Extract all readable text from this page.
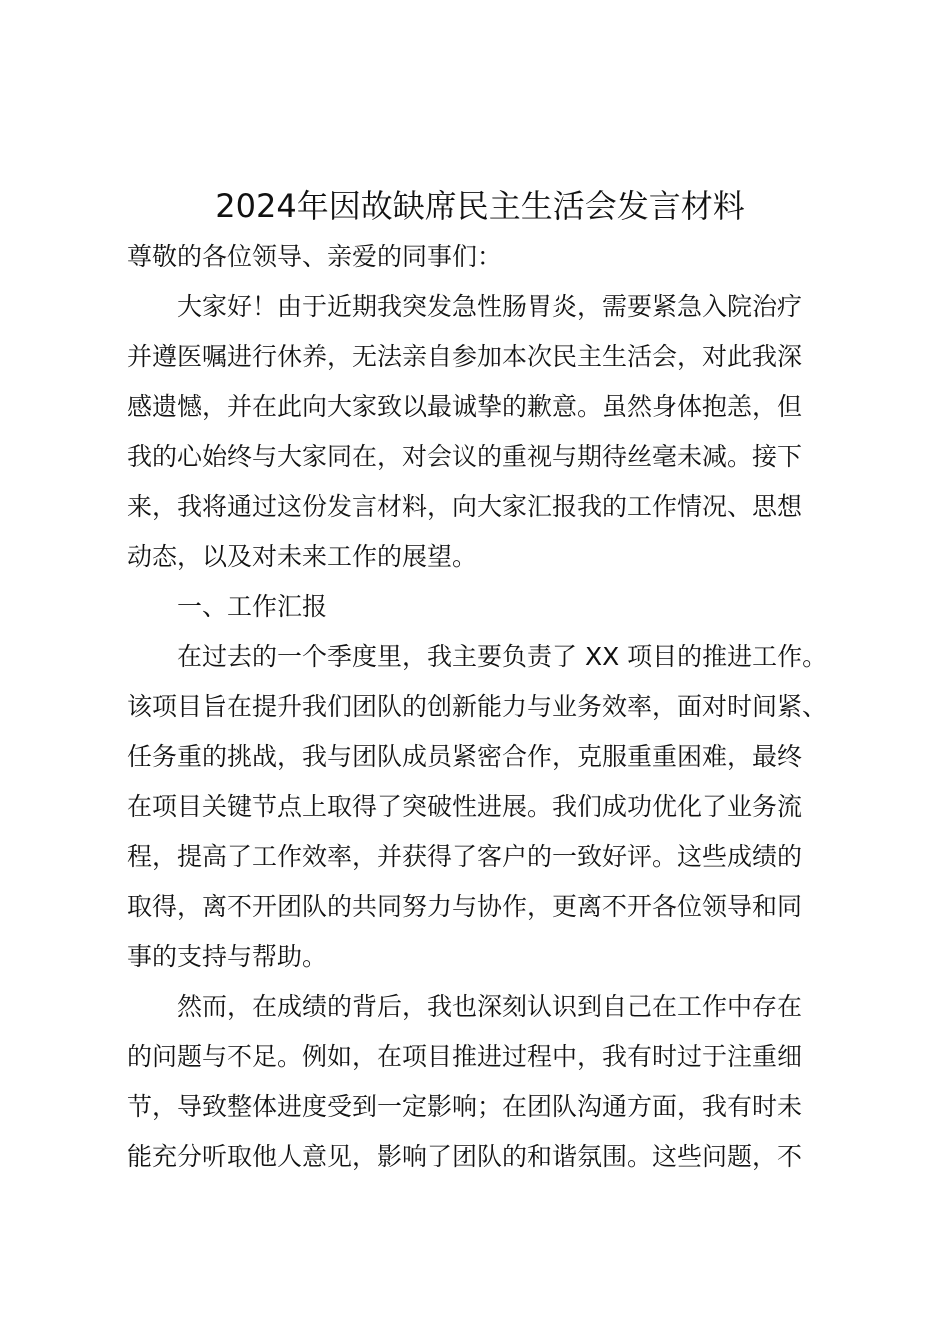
2024年因故缺席民主生活会发言材料
尊敬的各位领导、亲爱的同事们：
大家好！由于近期我突发急性肠胃炎，需要紧急入院治疗
并遵医嘱进行休养，无法亲自参加本次民主生活会，对此我深
感遗憾，并在此向大家致以最诚挚的歉意。虽然身体抱恙，但
我的心始终与大家同在，对会议的重视与期待丝毫未减。接下
来，我将通过这份发言材料，向大家汇报我的工作情况、思想
动态，以及对未来工作的展望。
一、工作汇报
在过去的一个季度里，我主要负责了 XX 项目的推进工作。
该项目旨在提升我们团队的创新能力与业务效率，面对时间紧、
任务重的挑战，我与团队成员紧密合作，克服重重困难，最终
在项目关键节点上取得了突破性进展。我们成功优化了业务流
程，提高了工作效率，并获得了客户的一致好评。这些成绩的
取得，离不开团队的共同努力与协作，更离不开各位领导和同
事的支持与帮助。
然而，在成绩的背后，我也深刻认识到自己在工作中存在
的问题与不足。例如，在项目推进过程中，我有时过于注重细
节，导致整体进度受到一定影响；在团队沟通方面，我有时未
能充分听取他人意见，影响了团队的和谐氛围。这些问题，不
